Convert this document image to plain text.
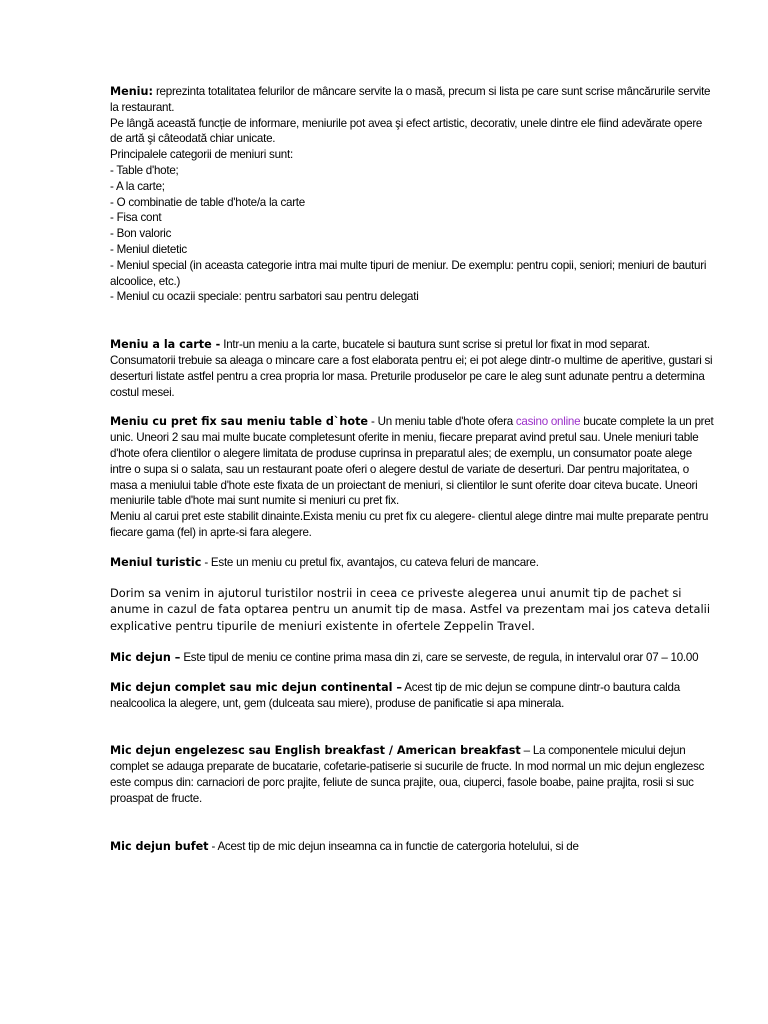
Meniu: reprezinta totalitatea felurilor de mâncare servite la o masă, precum si lista pe care sunt scrise mâncărurile servite la restaurant.

Pe lângă această funcție de informare, meniurile pot avea şi efect artistic, decorativ, unele dintre ele fiind adevărate opere de artă şi câteodată chiar unicate.

Principalele categorii de meniuri sunt:

- Table d'hote;

- A la carte;

- O combinatie de table d'hote/a la carte

- Fisa cont

- Bon valoric

- Meniul dietetic

- Meniul special (in aceasta categorie intra mai multe tipuri de meniur. De exemplu: pentru copii, seniori; meniuri de bauturi alcoolice, etc.)

- Meniul cu ocazii speciale: pentru sarbatori sau pentru delegati

Meniu a la carte - Intr-un meniu a la carte, bucatele si bautura sunt scrise si pretul lor fixat in mod separat. Consumatorii trebuie sa aleaga o mincare care a fost elaborata pentru ei; ei pot alege dintr-o multime de aperitive, gustari si deserturi listate astfel pentru a crea propria lor masa. Preturile produselor pe care le aleg sunt adunate pentru a determina costul mesei.

Meniu cu pret fix sau meniu table d`hote - Un meniu table d'hote ofera casino online bucate complete la un pret unic. Uneori 2 sau mai multe bucate completesunt oferite in meniu, fiecare preparat avind pretul sau. Unele meniuri table d'hote ofera clientilor o alegere limitata de produse cuprinsa in preparatul ales; de exemplu, un consumator poate alege intre o supa si o salata, sau un restaurant poate oferi o alegere destul de variate de deserturi. Dar pentru majoritatea, o masa a meniului table d'hote este fixata de un proiectant de meniuri, si clientilor le sunt oferite doar citeva bucate. Uneori meniurile table d'hote mai sunt numite si meniuri cu pret fix.

Meniu al carui pret este stabilit dinainte.Exista meniu cu pret fix cu alegere- clientul alege dintre mai multe preparate pentru fiecare gama (fel) in aprte-si fara alegere.

Meniul turistic - Este un meniu cu pretul fix, avantajos, cu cateva feluri de mancare.

Dorim sa venim in ajutorul turistilor nostrii in ceea ce priveste alegerea unui anumit tip de pachet si anume in cazul de fata optarea pentru un anumit tip de masa. Astfel va prezentam mai jos cateva detalii explicative pentru tipurile de meniuri existente in ofertele Zeppelin Travel.

Mic dejun – Este tipul de meniu ce contine prima masa din zi, care se serveste, de regula, in intervalul orar 07 – 10.00

Mic dejun complet sau mic dejun continental – Acest tip de mic dejun se compune dintr-o bautura calda nealcoolica la alegere, unt, gem (dulceata sau miere), produse de panificatie si apa minerala.

Mic dejun engelezesc sau English breakfast / American breakfast – La componentele micului dejun complet se adauga preparate de bucatarie, cofetarie-patiserie si sucurile de fructe. In mod normal un mic dejun englezesc este compus din: carnaciori de porc prajite, feliute de sunca prajite, oua, ciuperci, fasole boabe, paine prajita, rosii si suc proaspat de fructe.

Mic dejun bufet - Acest tip de mic dejun inseamna ca in functie de catergoria hotelului, si de
